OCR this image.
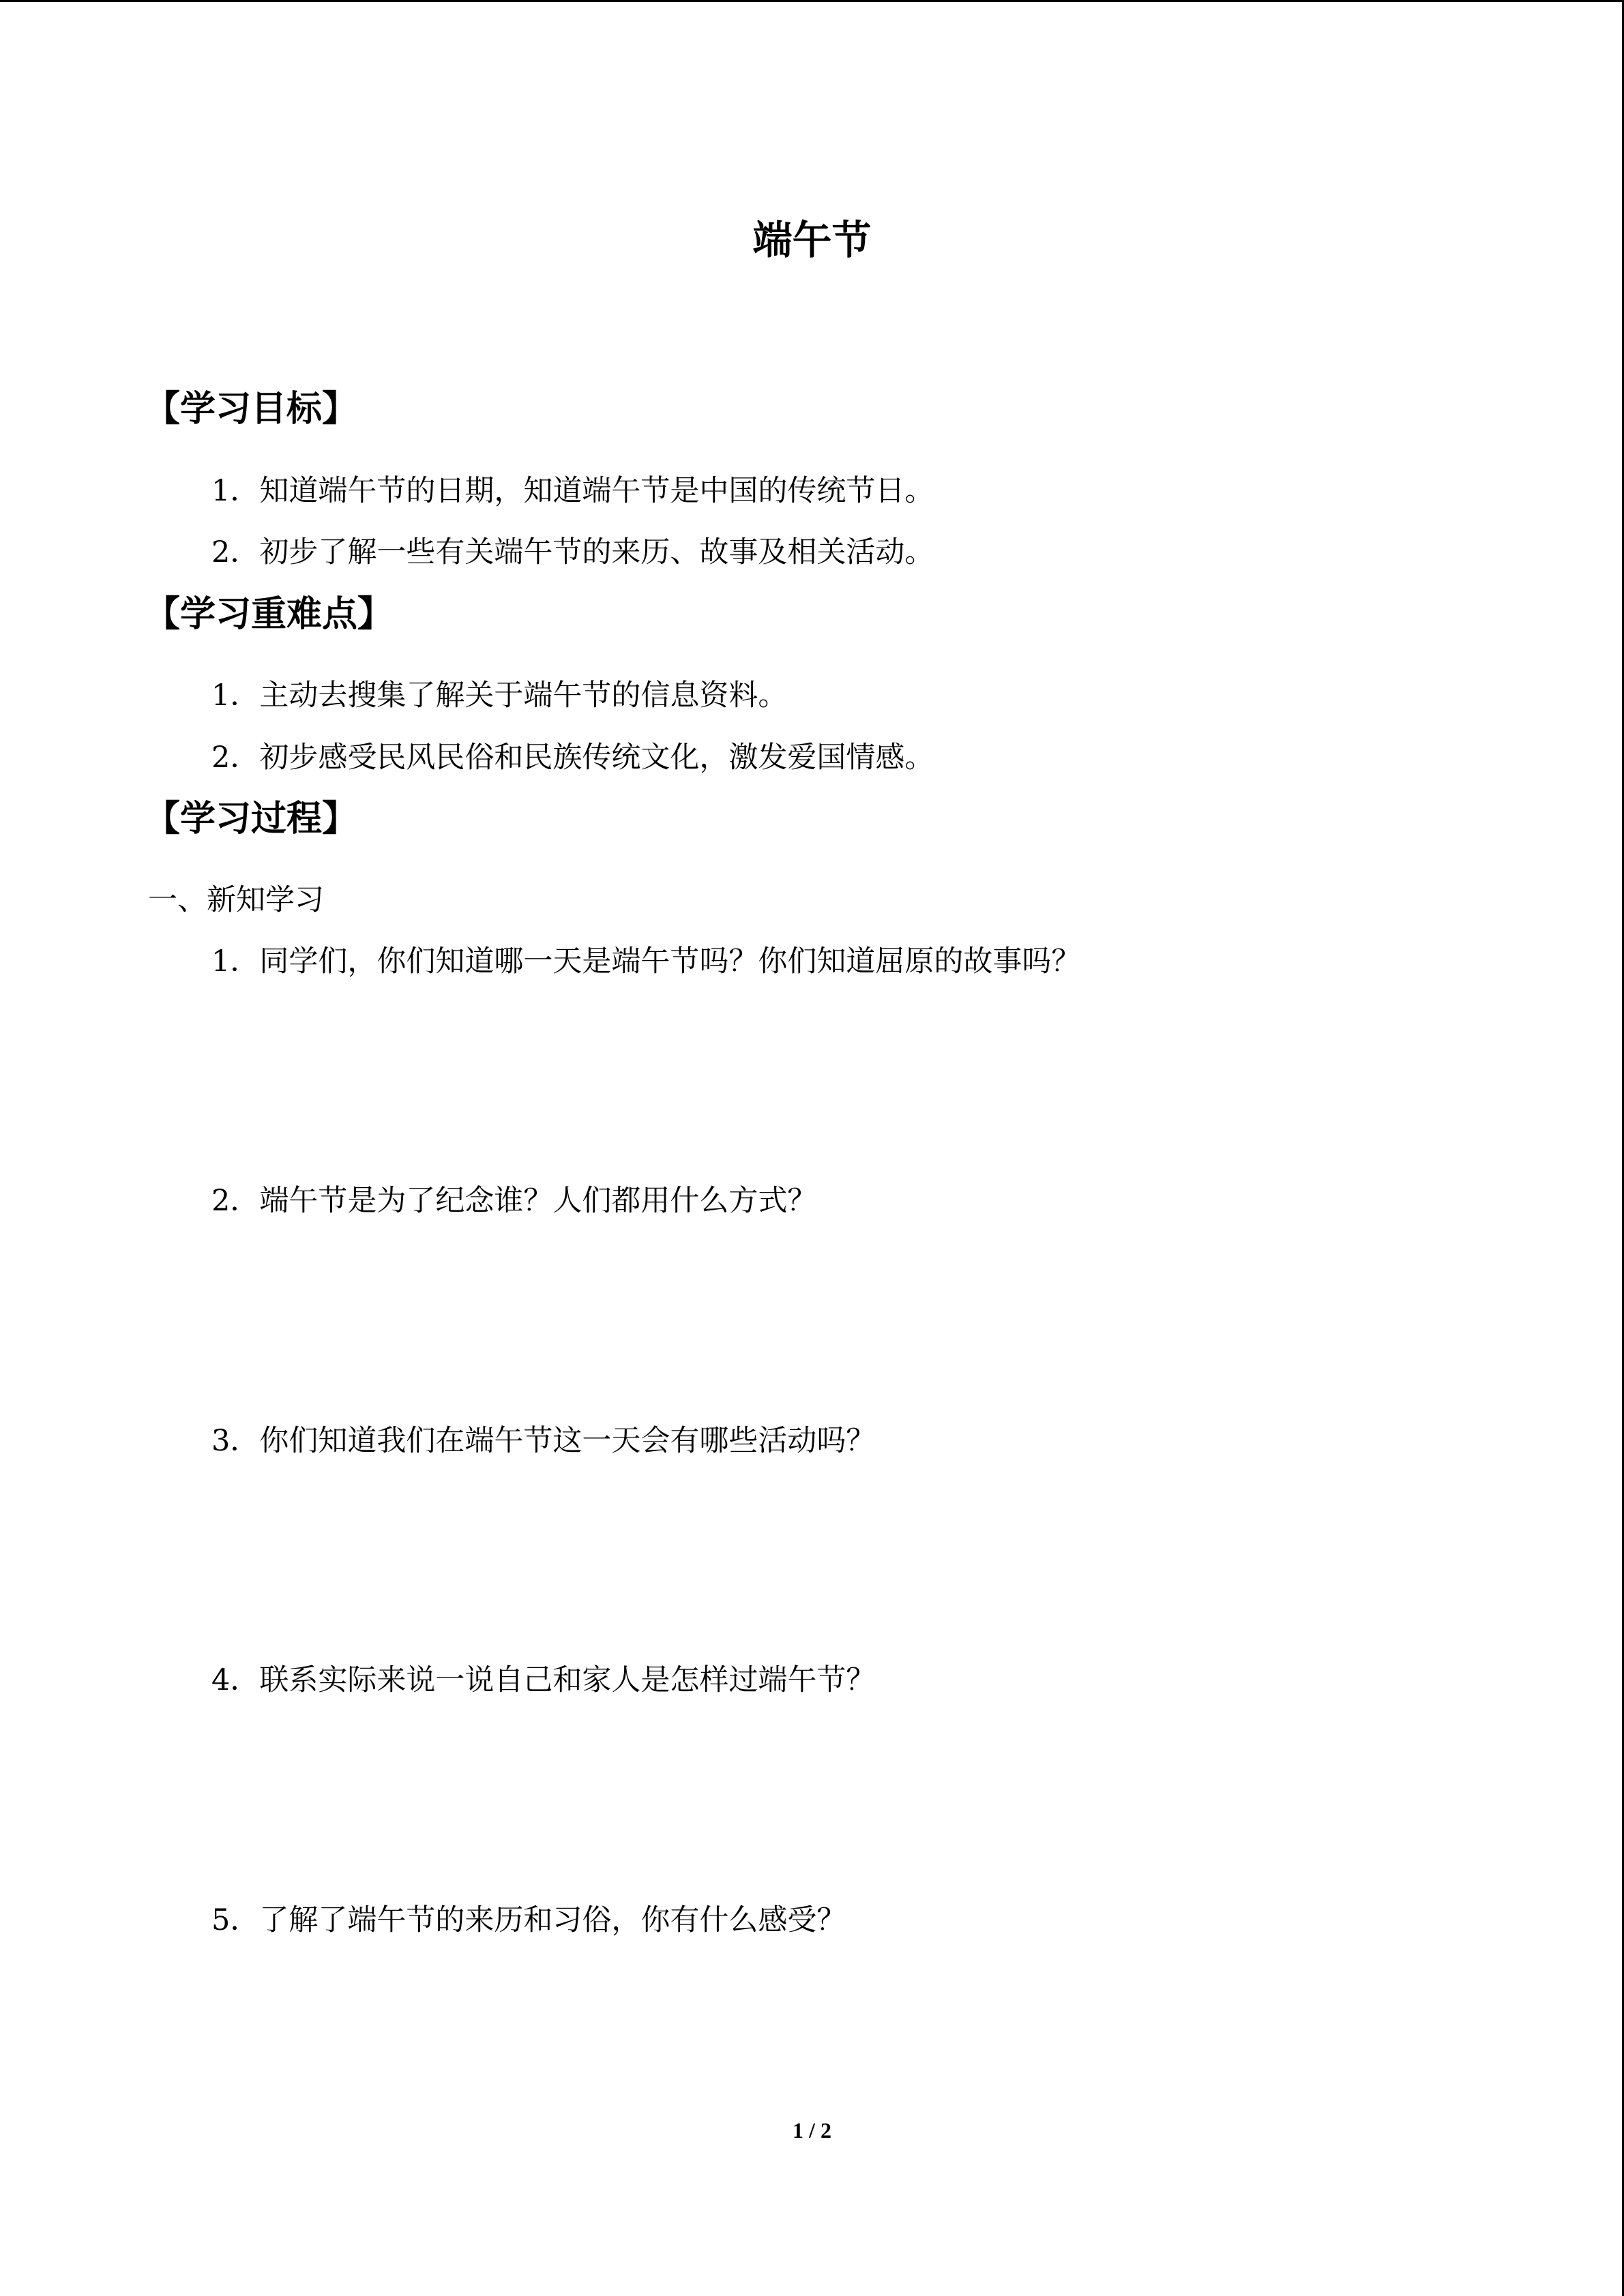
端午节
【学习目标】
1．知道端午节的日期，知道端午节是中国的传统节日。
2．初步了解一些有关端午节的来历、故事及相关活动。
【学习重难点】
1．主动去搜集了解关于端午节的信息资料。
2．初步感受民风民俗和民族传统文化，激发爱国情感。
【学习过程】
一、新知学习
1．同学们，你们知道哪一天是端午节吗？你们知道屈原的故事吗？
2．端午节是为了纪念谁？人们都用什么方式？
3．你们知道我们在端午节这一天会有哪些活动吗？
4．联系实际来说一说自己和家人是怎样过端午节？
5．了解了端午节的来历和习俗，你有什么感受？
1 / 2
